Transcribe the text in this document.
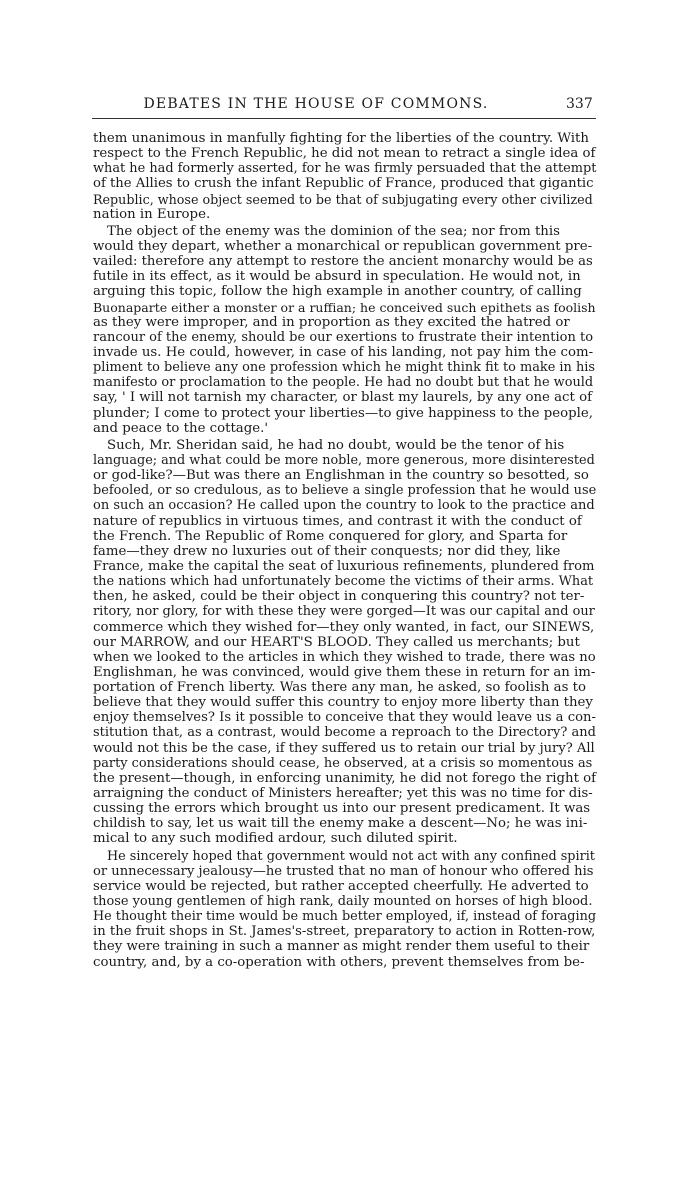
DEBATES IN THE HOUSE OF COMMONS.	337
them unanimous in manfully fighting for the liberties of the country. With
respect to the French Republic, he did not mean to retract a single idea of
what he had formerly asserted, for he was firmly persuaded that the attempt
of the Allies to crush the infant Republic of France, produced that gigantic
Republic, whose object seemed to be that of subjugating every other civilized
nation in Europe.
The object of the enemy was the dominion of the sea; nor from this
would they depart, whether a monarchical or republican government pre-
vailed: therefore any attempt to restore the ancient monarchy would be as
futile in its effect, as it would be absurd in speculation. He would not, in
arguing this topic, follow the high example in another country, of calling
Buonaparte either a monster or a ruffian; he conceived such epithets as foolish
as they were improper, and in proportion as they excited the hatred or
rancour of the enemy, should be our exertions to frustrate their intention to
invade us. He could, however, in case of his landing, not pay him the com-
pliment to believe any one profession which he might think fit to make in his
manifesto or proclamation to the people. He had no doubt but that he would
say, ' I will not tarnish my character, or blast my laurels, by any one act of
plunder; I come to protect your liberties—to give happiness to the people,
and peace to the cottage.'
Such, Mr. Sheridan said, he had no doubt, would be the tenor of his
language; and what could be more noble, more generous, more disinterested
or god-like?—But was there an Englishman in the country so besotted, so
befooled, or so credulous, as to believe a single profession that he would use
on such an occasion? He called upon the country to look to the practice and
nature of republics in virtuous times, and contrast it with the conduct of
the French. The Republic of Rome conquered for glory, and Sparta for
fame—they drew no luxuries out of their conquests; nor did they, like
France, make the capital the seat of luxurious refinements, plundered from
the nations which had unfortunately become the victims of their arms. What
then, he asked, could be their object in conquering this country? not ter-
ritory, nor glory, for with these they were gorged—It was our capital and our
commerce which they wished for—they only wanted, in fact, our SINEWS,
our MARROW, and our HEART'S BLOOD. They called us merchants; but
when we looked to the articles in which they wished to trade, there was no
Englishman, he was convinced, would give them these in return for an im-
portation of French liberty. Was there any man, he asked, so foolish as to
believe that they would suffer this country to enjoy more liberty than they
enjoy themselves? Is it possible to conceive that they would leave us a con-
stitution that, as a contrast, would become a reproach to the Directory? and
would not this be the case, if they suffered us to retain our trial by jury? All
party considerations should cease, he observed, at a crisis so momentous as
the present—though, in enforcing unanimity, he did not forego the right of
arraigning the conduct of Ministers hereafter; yet this was no time for dis-
cussing the errors which brought us into our present predicament. It was
childish to say, let us wait till the enemy make a descent—No; he was ini-
mical to any such modified ardour, such diluted spirit.
He sincerely hoped that government would not act with any confined spirit
or unnecessary jealousy—he trusted that no man of honour who offered his
service would be rejected, but rather accepted cheerfully. He adverted to
those young gentlemen of high rank, daily mounted on horses of high blood.
He thought their time would be much better employed, if, instead of foraging
in the fruit shops in St. James's-street, preparatory to action in Rotten-row,
they were training in such a manner as might render them useful to their
country, and, by a co-operation with others, prevent themselves from be-
